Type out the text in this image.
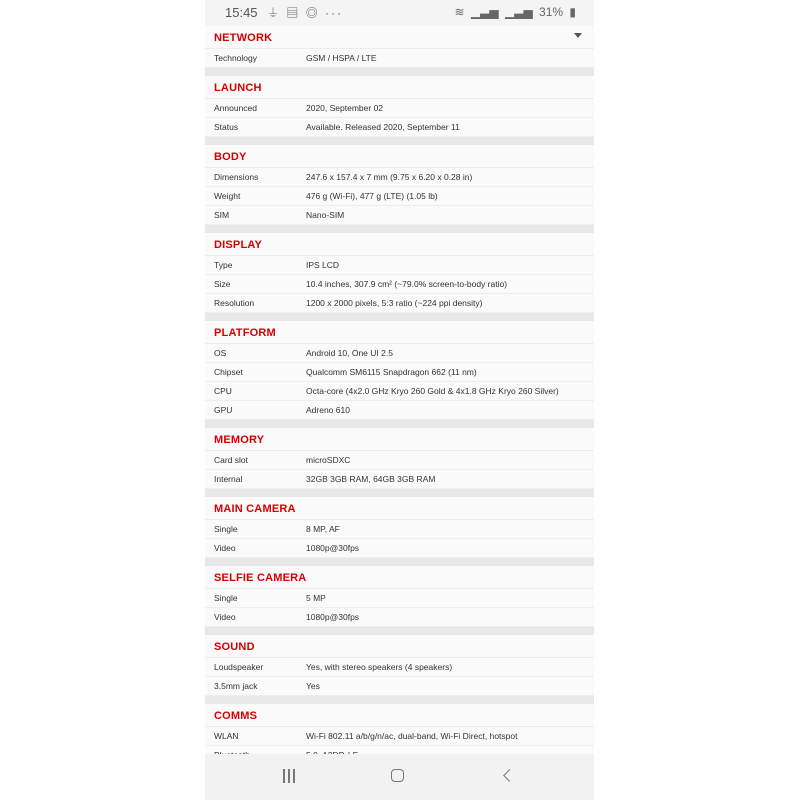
15:45 ⏚ ▤ ◎ ···	≋ ▁▃▅ ▁▃▅ 31% ▮
NETWORK
Technology	GSM / HSPA / LTE
LAUNCH
Announced	2020, September 02
Status	Available. Released 2020, September 11
BODY
Dimensions	247.6 x 157.4 x 7 mm (9.75 x 6.20 x 0.28 in)
Weight	476 g (Wi-Fi), 477 g (LTE) (1.05 lb)
SIM	Nano-SIM
DISPLAY
Type	IPS LCD
Size	10.4 inches, 307.9 cm² (~79.0% screen-to-body ratio)
Resolution	1200 x 2000 pixels, 5:3 ratio (~224 ppi density)
PLATFORM
OS	Android 10, One UI 2.5
Chipset	Qualcomm SM6115 Snapdragon 662 (11 nm)
CPU	Octa-core (4x2.0 GHz Kryo 260 Gold & 4x1.8 GHz Kryo 260 Silver)
GPU	Adreno 610
MEMORY
Card slot	microSDXC
Internal	32GB 3GB RAM, 64GB 3GB RAM
MAIN CAMERA
Single	8 MP, AF
Video	1080p@30fps
SELFIE CAMERA
Single	5 MP
Video	1080p@30fps
SOUND
Loudspeaker	Yes, with stereo speakers (4 speakers)
3.5mm jack	Yes
COMMS
WLAN	Wi-Fi 802.11 a/b/g/n/ac, dual-band, Wi-Fi Direct, hotspot
